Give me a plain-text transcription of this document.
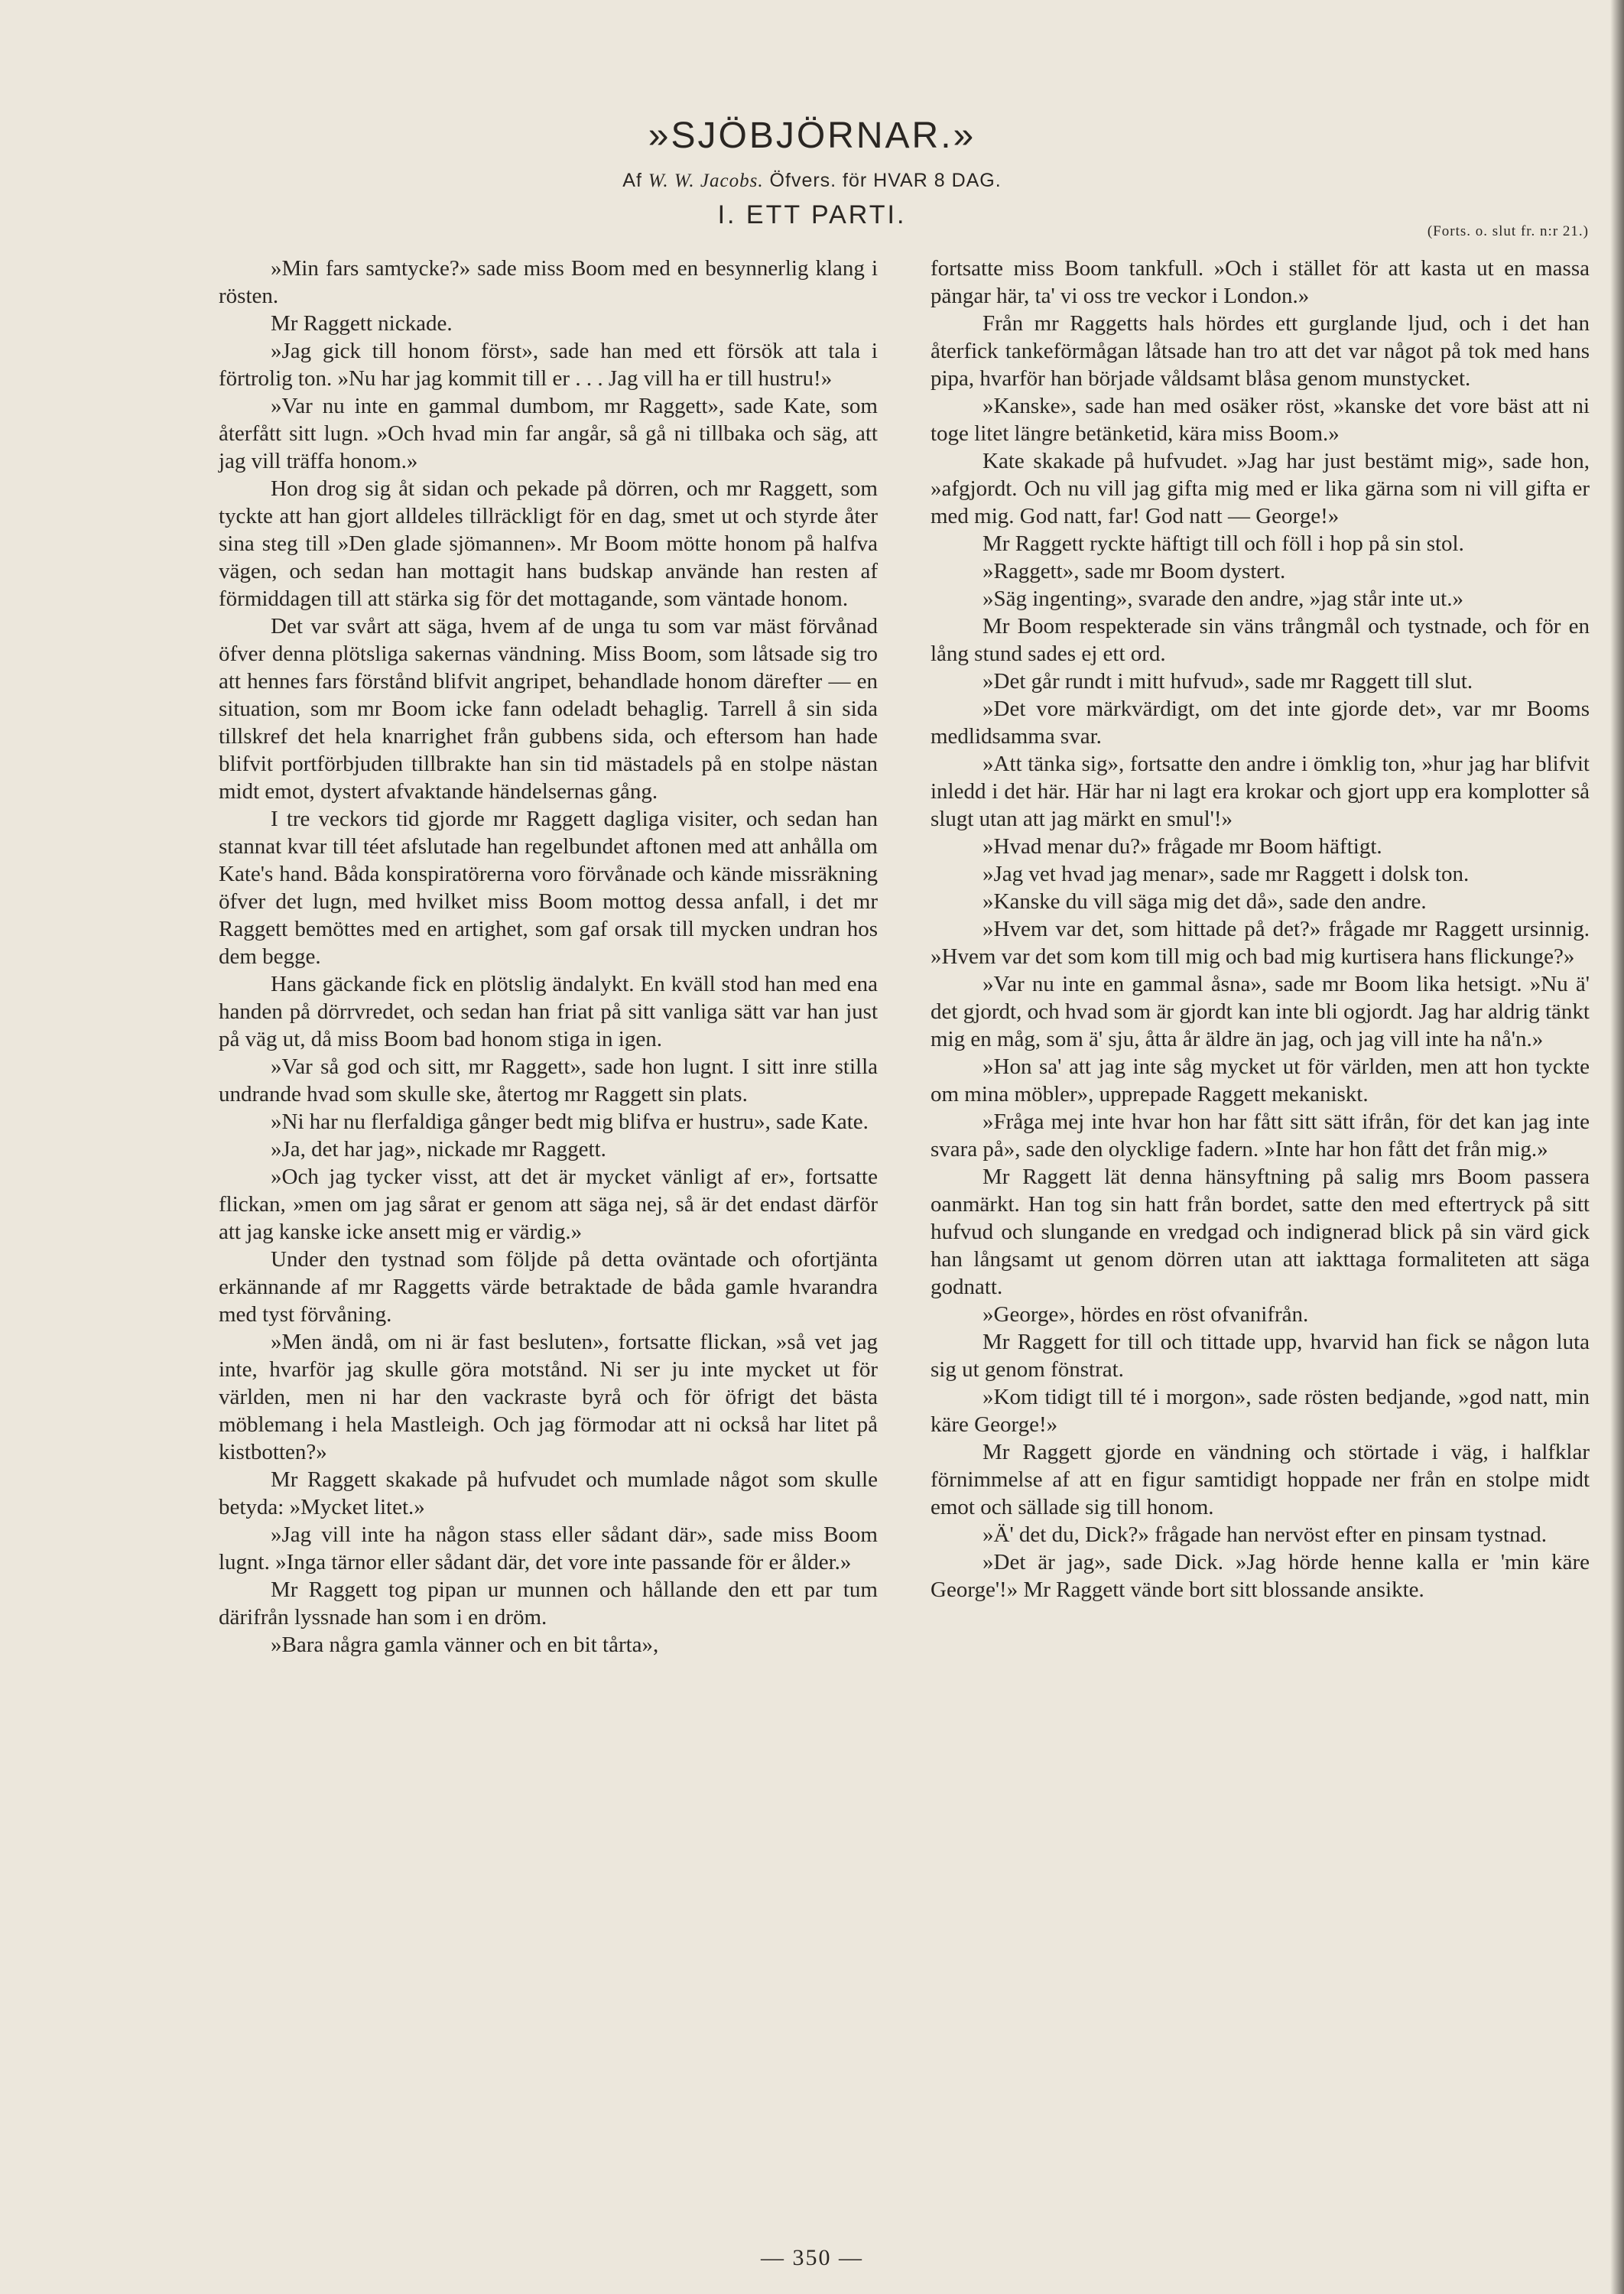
»SJÖBJÖRNAR.»
Af W. W. Jacobs. Öfvers. för HVAR 8 DAG.
I. ETT PARTI.
(Forts. o. slut fr. n:r 21.)

»Min fars samtycke?» sade miss Boom med en besynnerlig klang i rösten.

Mr Raggett nickade.

»Jag gick till honom först», sade han med ett försök att tala i förtrolig ton. »Nu har jag kommit till er . . . Jag vill ha er till hustru!»

»Var nu inte en gammal dumbom, mr Raggett», sade Kate, som återfått sitt lugn. »Och hvad min far angår, så gå ni tillbaka och säg, att jag vill träffa honom.»

Hon drog sig åt sidan och pekade på dörren, och mr Raggett, som tyckte att han gjort alldeles tillräckligt för en dag, smet ut och styrde åter sina steg till »Den glade sjömannen». Mr Boom mötte honom på halfva vägen, och sedan han mottagit hans budskap använde han resten af förmiddagen till att stärka sig för det mottagande, som väntade honom.

Det var svårt att säga, hvem af de unga tu som var mäst förvånad öfver denna plötsliga sakernas vändning. Miss Boom, som låtsade sig tro att hennes fars förstånd blifvit angripet, behandlade honom därefter — en situation, som mr Boom icke fann odeladt behaglig. Tarrell å sin sida tillskref det hela knarrighet från gubbens sida, och eftersom han hade blifvit portförbjuden tillbrakte han sin tid mästadels på en stolpe nästan midt emot, dystert afvaktande händelsernas gång.

I tre veckors tid gjorde mr Raggett dagliga visiter, och sedan han stannat kvar till téet afslutade han regelbundet aftonen med att anhålla om Kate's hand. Båda konspiratörerna voro förvånade och kände missräkning öfver det lugn, med hvilket miss Boom mottog dessa anfall, i det mr Raggett bemöttes med en artighet, som gaf orsak till mycken undran hos dem begge.

Hans gäckande fick en plötslig ändalykt. En kväll stod han med ena handen på dörrvredet, och sedan han friat på sitt vanliga sätt var han just på väg ut, då miss Boom bad honom stiga in igen.

»Var så god och sitt, mr Raggett», sade hon lugnt. I sitt inre stilla undrande hvad som skulle ske, återtog mr Raggett sin plats.

»Ni har nu flerfaldiga gånger bedt mig blifva er hustru», sade Kate.

»Ja, det har jag», nickade mr Raggett.

»Och jag tycker visst, att det är mycket vänligt af er», fortsatte flickan, »men om jag sårat er genom att säga nej, så är det endast därför att jag kanske icke ansett mig er värdig.»

Under den tystnad som följde på detta oväntade och ofortjänta erkännande af mr Raggetts värde betraktade de båda gamle hvarandra med tyst förvåning.

»Men ändå, om ni är fast besluten», fortsatte flickan, »så vet jag inte, hvarför jag skulle göra motstånd. Ni ser ju inte mycket ut för världen, men ni har den vackraste byrå och för öfrigt det bästa möblemang i hela Mastleigh. Och jag förmodar att ni också har litet på kistbotten?»

Mr Raggett skakade på hufvudet och mumlade något som skulle betyda: »Mycket litet.»

»Jag vill inte ha någon stass eller sådant där», sade miss Boom lugnt. »Inga tärnor eller sådant där, det vore inte passande för er ålder.»

Mr Raggett tog pipan ur munnen och hållande den ett par tum därifrån lyssnade han som i en dröm.

»Bara några gamla vänner och en bit tårta»,

fortsatte miss Boom tankfull. »Och i stället för att kasta ut en massa pängar här, ta' vi oss tre veckor i London.»

Från mr Raggetts hals hördes ett gurglande ljud, och i det han återfick tankeförmågan låtsade han tro att det var något på tok med hans pipa, hvarför han började våldsamt blåsa genom munstycket.

»Kanske», sade han med osäker röst, »kanske det vore bäst att ni toge litet längre betänketid, kära miss Boom.»

Kate skakade på hufvudet. »Jag har just bestämt mig», sade hon, »afgjordt. Och nu vill jag gifta mig med er lika gärna som ni vill gifta er med mig. God natt, far! God natt — George!»

Mr Raggett ryckte häftigt till och föll i hop på sin stol.

»Raggett», sade mr Boom dystert.

»Säg ingenting», svarade den andre, »jag står inte ut.»

Mr Boom respekterade sin väns trångmål och tystnade, och för en lång stund sades ej ett ord.

»Det går rundt i mitt hufvud», sade mr Raggett till slut.

»Det vore märkvärdigt, om det inte gjorde det», var mr Booms medlidsamma svar.

»Att tänka sig», fortsatte den andre i ömklig ton, »hur jag har blifvit inledd i det här. Här har ni lagt era krokar och gjort upp era komplotter så slugt utan att jag märkt en smul'!»

»Hvad menar du?» frågade mr Boom häftigt.

»Jag vet hvad jag menar», sade mr Raggett i dolsk ton.

»Kanske du vill säga mig det då», sade den andre.

»Hvem var det, som hittade på det?» frågade mr Raggett ursinnig. »Hvem var det som kom till mig och bad mig kurtisera hans flickunge?»

»Var nu inte en gammal åsna», sade mr Boom lika hetsigt. »Nu ä' det gjordt, och hvad som är gjordt kan inte bli ogjordt. Jag har aldrig tänkt mig en måg, som ä' sju, åtta år äldre än jag, och jag vill inte ha nå'n.»

»Hon sa' att jag inte såg mycket ut för världen, men att hon tyckte om mina möbler», upprepade Raggett mekaniskt.

»Fråga mej inte hvar hon har fått sitt sätt ifrån, för det kan jag inte svara på», sade den olycklige fadern. »Inte har hon fått det från mig.»

Mr Raggett lät denna hänsyftning på salig mrs Boom passera oanmärkt. Han tog sin hatt från bordet, satte den med eftertryck på sitt hufvud och slungande en vredgad och indignerad blick på sin värd gick han långsamt ut genom dörren utan att iakttaga formaliteten att säga godnatt.

»George», hördes en röst ofvanifrån.

Mr Raggett for till och tittade upp, hvarvid han fick se någon luta sig ut genom fönstrat.

»Kom tidigt till té i morgon», sade rösten bedjande, »god natt, min käre George!»

Mr Raggett gjorde en vändning och störtade i väg, i halfklar förnimmelse af att en figur samtidigt hoppade ner från en stolpe midt emot och sällade sig till honom.

»Ä' det du, Dick?» frågade han nervöst efter en pinsam tystnad.

»Det är jag», sade Dick. »Jag hörde henne kalla er 'min käre George'!» Mr Raggett vände bort sitt blossande ansikte.

— 350 —
